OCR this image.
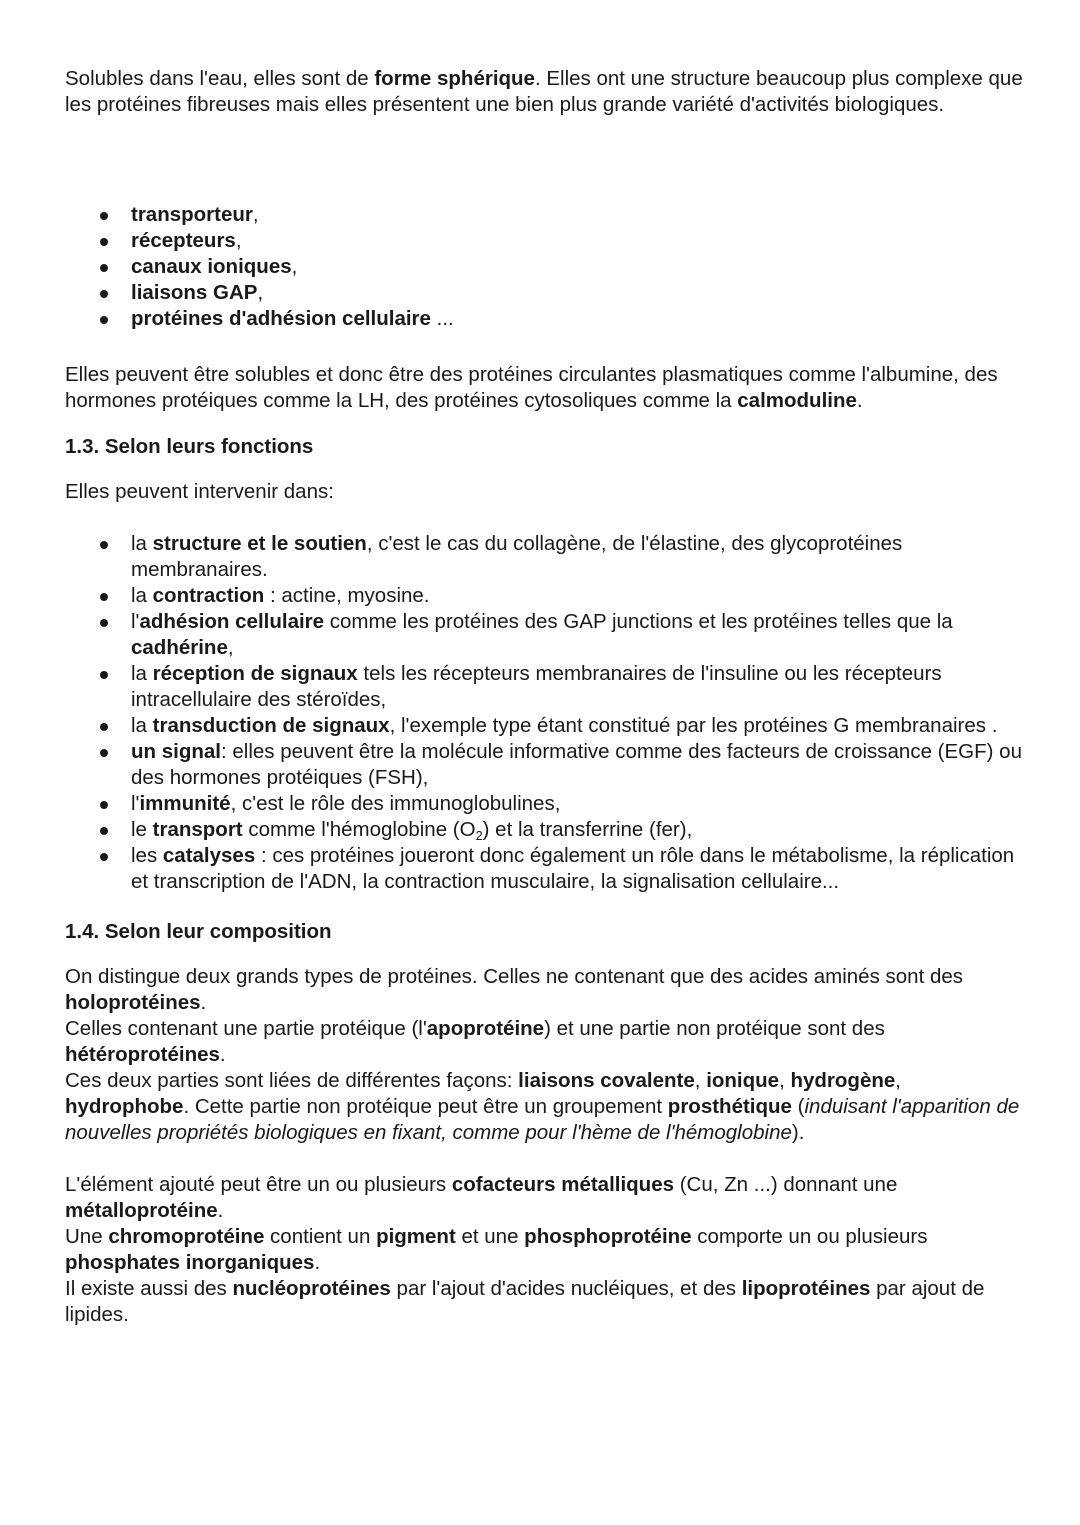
Solubles dans l'eau, elles sont de forme sphérique. Elles ont une structure beaucoup plus complexe que les protéines fibreuses mais elles présentent une bien plus grande variété d'activités biologiques.

transporteur,
récepteurs,
canaux ioniques,
liaisons GAP,
protéines d'adhésion cellulaire ...

Elles peuvent être solubles et donc être des protéines circulantes plasmatiques comme l'albumine, des hormones protéiques comme la LH, des protéines cytosoliques comme la calmoduline.

1.3. Selon leurs fonctions

Elles peuvent intervenir dans:

la structure et le soutien, c'est le cas du collagène, de l'élastine, des glycoprotéines membranaires.
la contraction : actine, myosine.
l'adhésion cellulaire comme les protéines des GAP junctions et les protéines telles que la cadhérine,
la réception de signaux tels les récepteurs membranaires de l'insuline ou les récepteurs intracellulaire des stéroïdes,
la transduction de signaux, l'exemple type étant constitué par les protéines G membranaires .
un signal: elles peuvent être la molécule informative comme des facteurs de croissance (EGF) ou des hormones protéiques (FSH),
l'immunité, c'est le rôle des immunoglobulines,
le transport comme l'hémoglobine $(O_2)$ et la transferrine (fer),
les catalyses : ces protéines joueront donc également un rôle dans le métabolisme, la réplication et transcription de l'ADN, la contraction musculaire, la signalisation cellulaire...
1.4. Selon leur composition

On distingue deux grands types de protéines. Celles ne contenant que des acides aminés sont des holoprotéines.
Celles contenant une partie protéique (l'apoprotéine) et une partie non protéique sont des hétéroprotéines.
Ces deux parties sont liées de différentes façons: liaisons covalente, ionique, hydrogène, hydrophobe. Cette partie non protéique peut être un groupement prosthétique (induisant l'apparition de nouvelles propriétés biologiques en fixant, comme pour l'hème de l'hémoglobine).

L'élément ajouté peut être un ou plusieurs cofacteurs métalliques (Cu, Zn ...) donnant une métalloprotéine.
Une chromoprotéine contient un pigment et une phosphoprotéine comporte un ou plusieurs phosphates inorganiques.
Il existe aussi des nucléoprotéines par l'ajout d'acides nucléiques, et des lipoprotéines par ajout de lipides.
